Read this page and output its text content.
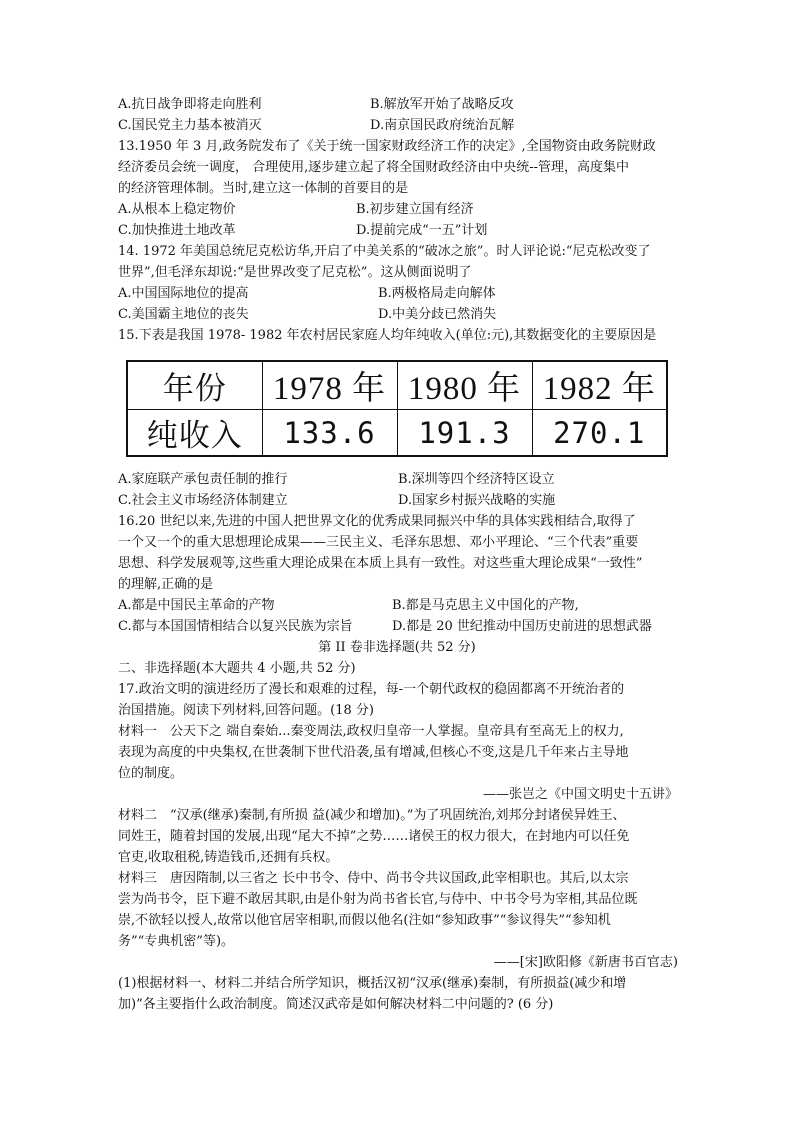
A.抗日战争即将走向胜利	B.解放军开始了战略反攻
C.国民党主力基本被消灭	D.南京国民政府统治瓦解
13.1950 年 3 月,政务院发布了《关于统一国家财政经济工作的决定》,全国物资由政务院财政
经济委员会统一调度， 合理使用,逐步建立起了将全国财政经济由中央统--管理，高度集中
的经济管理体制。当时,建立这一体制的首要目的是
A.从根本上稳定物价	B.初步建立国有经济
C.加快推进土地改革	D.提前完成“一五”计划
14. 1972 年美国总统尼克松访华,开启了中美关系的“破冰之旅”。时人评论说:“尼克松改变了
世界”,但毛泽东却说:“是世界改变了尼克松”。这从侧面说明了
A.中国国际地位的提高	B.两极格局走向解体
C.美国霸主地位的丧失	D.中美分歧已然消失
15.下表是我国 1978- 1982 年农村居民家庭人均年纯收入(单位:元),其数据变化的主要原因是
年份	1978 年	1980 年	1982 年
纯收入	133.6	191.3	270.1
A.家庭联产承包责任制的推行	B.深圳等四个经济特区设立
C.社会主义市场经济体制建立	D.国家乡村振兴战略的实施
16.20 世纪以来,先进的中国人把世界文化的优秀成果同振兴中华的具体实践相结合,取得了
一个又一个的重大思想理论成果——三民主义、毛泽东思想、邓小平理论、“三个代表”重要
思想、科学发展观等,这些重大理论成果在本质上具有一致性。对这些重大理论成果“一致性”
的理解,正确的是
A.都是中国民主革命的产物	B.都是马克思主义中国化的产物,
C.都与本国国情相结合以复兴民族为宗旨	D.都是 20 世纪推动中国历史前进的思想武器
第 II 卷非选择题(共 52 分)
二、非选择题(本大题共 4 小题,共 52 分)
17.政治文明的演进经历了漫长和艰难的过程，每-一个朝代政权的稳固都离不开统治者的
治国措施。阅读下列材料,回答问题。(18 分)
材料一　公天下之 端自秦始...秦变周法,政权归皇帝一人掌握。皇帝具有至高无上的权力,
表现为高度的中央集权,在世袭制下世代沿袭,虽有增减,但核心不变,这是几千年来占主导地
位的制度。
——张岂之《中国文明史十五讲》
材料二　“汉承(继承)秦制,有所损 益(减少和增加)。”为了巩固统治,刘邦分封诸侯异姓王、
同姓王，随着封国的发展,出现“尾大不掉”之势……诸侯王的权力很大，在封地内可以任免
官吏,收取租税,铸造钱币,还拥有兵权。
材料三　唐因隋制,以三省之 长中书令、侍中、尚书令共议国政,此宰相职也。其后,以太宗
尝为尚书令，臣下避不敢居其职,由是仆射为尚书省长官,与侍中、中书令号为宰相,其品位既
崇,不欲轻以授人,故常以他官居宰相职,而假以他名(注如“参知政事”“参议得失”“参知机
务”“专典机密”等)。
——[宋]欧阳修《新唐书百官志)
(1)根据材料一、材料二并结合所学知识，概括汉初“汉承(继承)秦制，有所损益(减少和增
加)”各主要指什么政治制度。简述汉武帝是如何解决材料二中问题的? (6 分)
